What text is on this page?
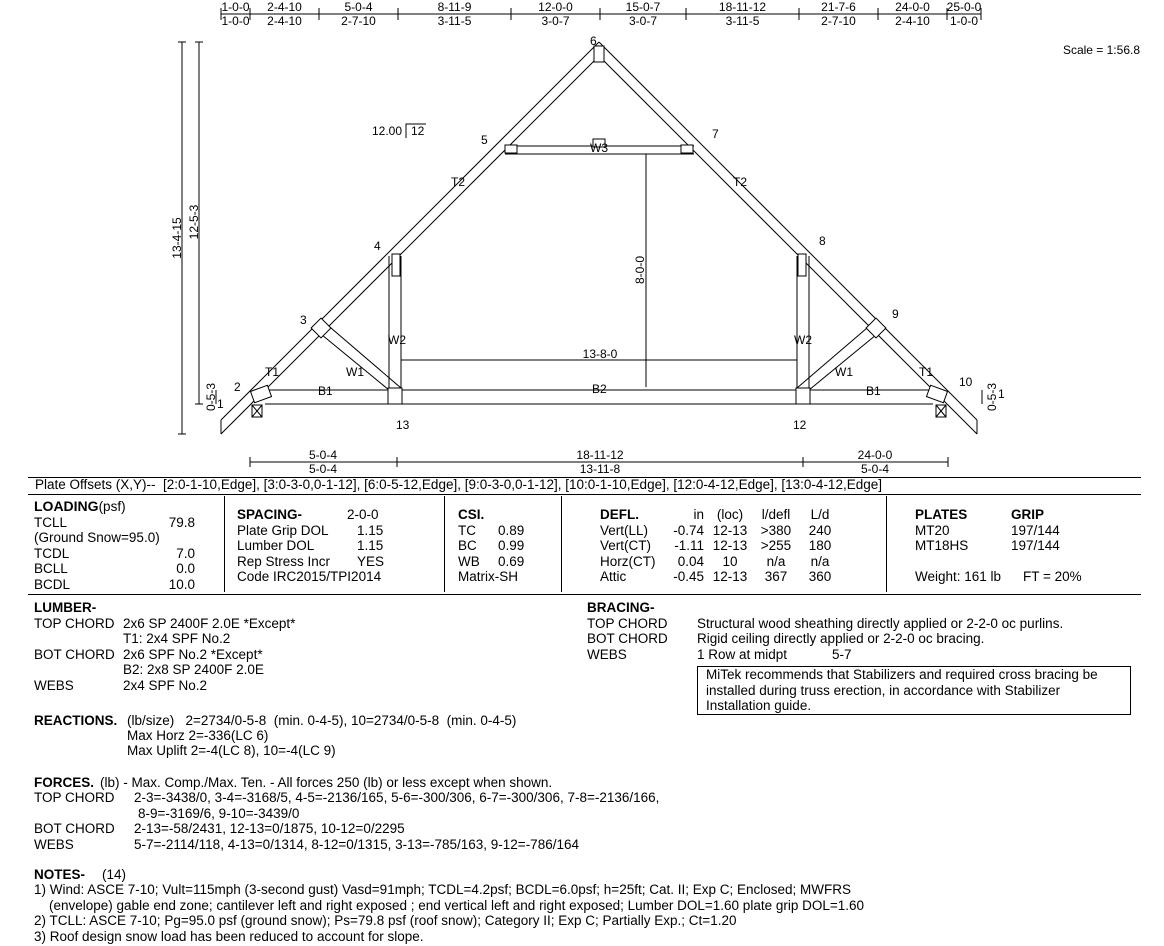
1-0-0
1-0-0
2-4-10
2-4-10
5-0-4
2-7-10
8-11-9
3-11-5
12-0-0
3-0-7
15-0-7
3-0-7
18-11-12
3-11-5
21-7-6
2-7-10
24-0-0
2-4-10
25-0-0
1-0-0
13-4-15 12-5-3
0-5-3 1	0-5-3 1
Scale = 1:56.8
12.00 12
2
3
4
5
6
7
8
9
10
12
13
T2	T2
W3
W2	W2
W1	W1
T1	T1
B1	B1
B2
8-0-0
13-8-0
5-0-4	18-11-12	24-0-0
5-0-4	13-11-8	5-0-4
Plate Offsets (X,Y)--  [2:0-1-10,Edge], [3:0-3-0,0-1-12], [6:0-5-12,Edge], [9:0-3-0,0-1-12], [10:0-1-10,Edge], [12:0-4-12,Edge], [13:0-4-12,Edge]
LOADING (psf)
TCLL	79.8
(Ground Snow=95.0)
TCDL	7.0
BCLL	0.0
BCDL	10.0
SPACING-	2-0-0
Plate Grip DOL	1.15
Lumber DOL	1.15
Rep Stress Incr	YES
Code IRC2015/TPI2014
CSI.
TC	0.89
BC	0.99
WB	0.69
Matrix-SH
DEFL.	in (loc)	l/defl	L/d
Vert(LL)	-0.74 12-13	>380	240
Vert(CT)	-1.11 12-13	>255	180
Horz(CT)	0.04	10	n/a	n/a
Attic	-0.45 12-13	367	360
PLATES	GRIP
MT20	197/144
MT18HS	197/144

Weight: 161 lb	FT = 20%
LUMBER-
TOP CHORD 2x6 SP 2400F 2.0E *Except*
T1: 2x4 SPF No.2
BOT CHORD 2x6 SPF No.2 *Except*
B2: 2x8 SP 2400F 2.0E
WEBS	2x4 SPF No.2
BRACING-
TOP CHORD	Structural wood sheathing directly applied or 2-2-0 oc purlins.
BOT CHORD	Rigid ceiling directly applied or 2-2-0 oc bracing.
WEBS	1 Row at midpt            5-7
MiTek recommends that Stabilizers and required cross bracing be
installed during truss erection, in accordance with Stabilizer
Installation guide.
REACTIONS. (lb/size)   2=2734/0-5-8  (min. 0-4-5), 10=2734/0-5-8  (min. 0-4-5)
Max Horz 2=-336(LC 6)
Max Uplift 2=-4(LC 8), 10=-4(LC 9)
FORCES. (lb) - Max. Comp./Max. Ten. - All forces 250 (lb) or less except when shown.
TOP CHORD	2-3=-3438/0, 3-4=-3168/5, 4-5=-2136/165, 5-6=-300/306, 6-7=-300/306, 7-8=-2136/166,
8-9=-3169/6, 9-10=-3439/0
BOT CHORD	2-13=-58/2431, 12-13=0/1875, 10-12=0/2295
WEBS	5-7=-2114/118, 4-13=0/1314, 8-12=0/1315, 3-13=-785/163, 9-12=-786/164
NOTES- (14)
1) Wind: ASCE 7-10; Vult=115mph (3-second gust) Vasd=91mph; TCDL=4.2psf; BCDL=6.0psf; h=25ft; Cat. II; Exp C; Enclosed; MWFRS
(envelope) gable end zone; cantilever left and right exposed ; end vertical left and right exposed; Lumber DOL=1.60 plate grip DOL=1.60
2) TCLL: ASCE 7-10; Pg=95.0 psf (ground snow); Ps=79.8 psf (roof snow); Category II; Exp C; Partially Exp.; Ct=1.20
3) Roof design snow load has been reduced to account for slope.
